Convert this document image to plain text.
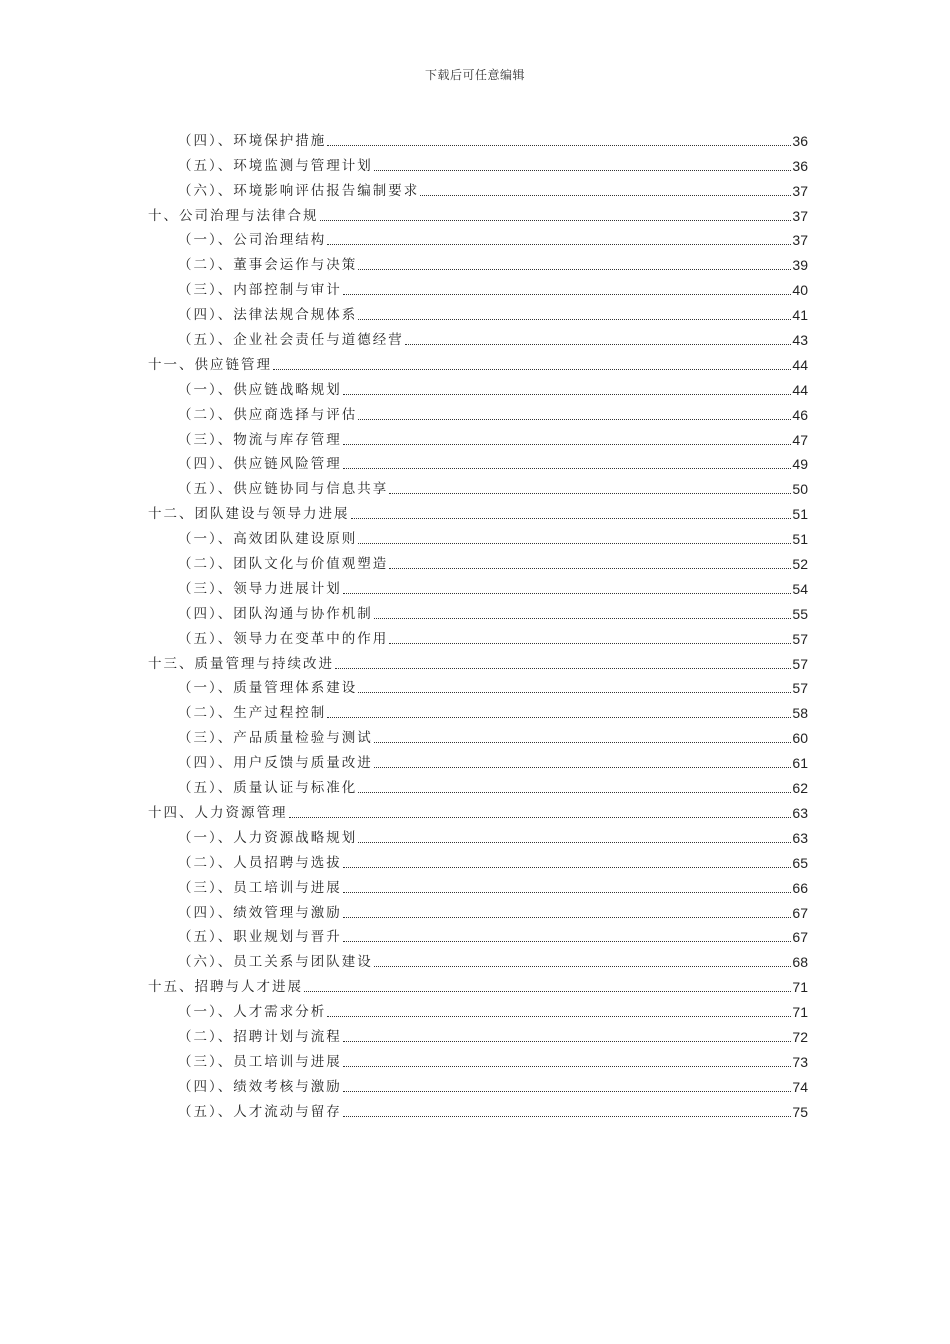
下载后可任意编辑
（四）、环境保护措施	36
（五）、环境监测与管理计划	36
（六）、环境影响评估报告编制要求	37
十、公司治理与法律合规	37
（一）、公司治理结构	37
（二）、董事会运作与决策	39
（三）、内部控制与审计	40
（四）、法律法规合规体系	41
（五）、企业社会责任与道德经营	43
十一、供应链管理	44
（一）、供应链战略规划	44
（二）、供应商选择与评估	46
（三）、物流与库存管理	47
（四）、供应链风险管理	49
（五）、供应链协同与信息共享	50
十二、团队建设与领导力进展	51
（一）、高效团队建设原则	51
（二）、团队文化与价值观塑造	52
（三）、领导力进展计划	54
（四）、团队沟通与协作机制	55
（五）、领导力在变革中的作用	57
十三、质量管理与持续改进	57
（一）、质量管理体系建设	57
（二）、生产过程控制	58
（三）、产品质量检验与测试	60
（四）、用户反馈与质量改进	61
（五）、质量认证与标准化	62
十四、人力资源管理	63
（一）、人力资源战略规划	63
（二）、人员招聘与选拔	65
（三）、员工培训与进展	66
（四）、绩效管理与激励	67
（五）、职业规划与晋升	67
（六）、员工关系与团队建设	68
十五、招聘与人才进展	71
（一）、人才需求分析	71
（二）、招聘计划与流程	72
（三）、员工培训与进展	73
（四）、绩效考核与激励	74
（五）、人才流动与留存	75
